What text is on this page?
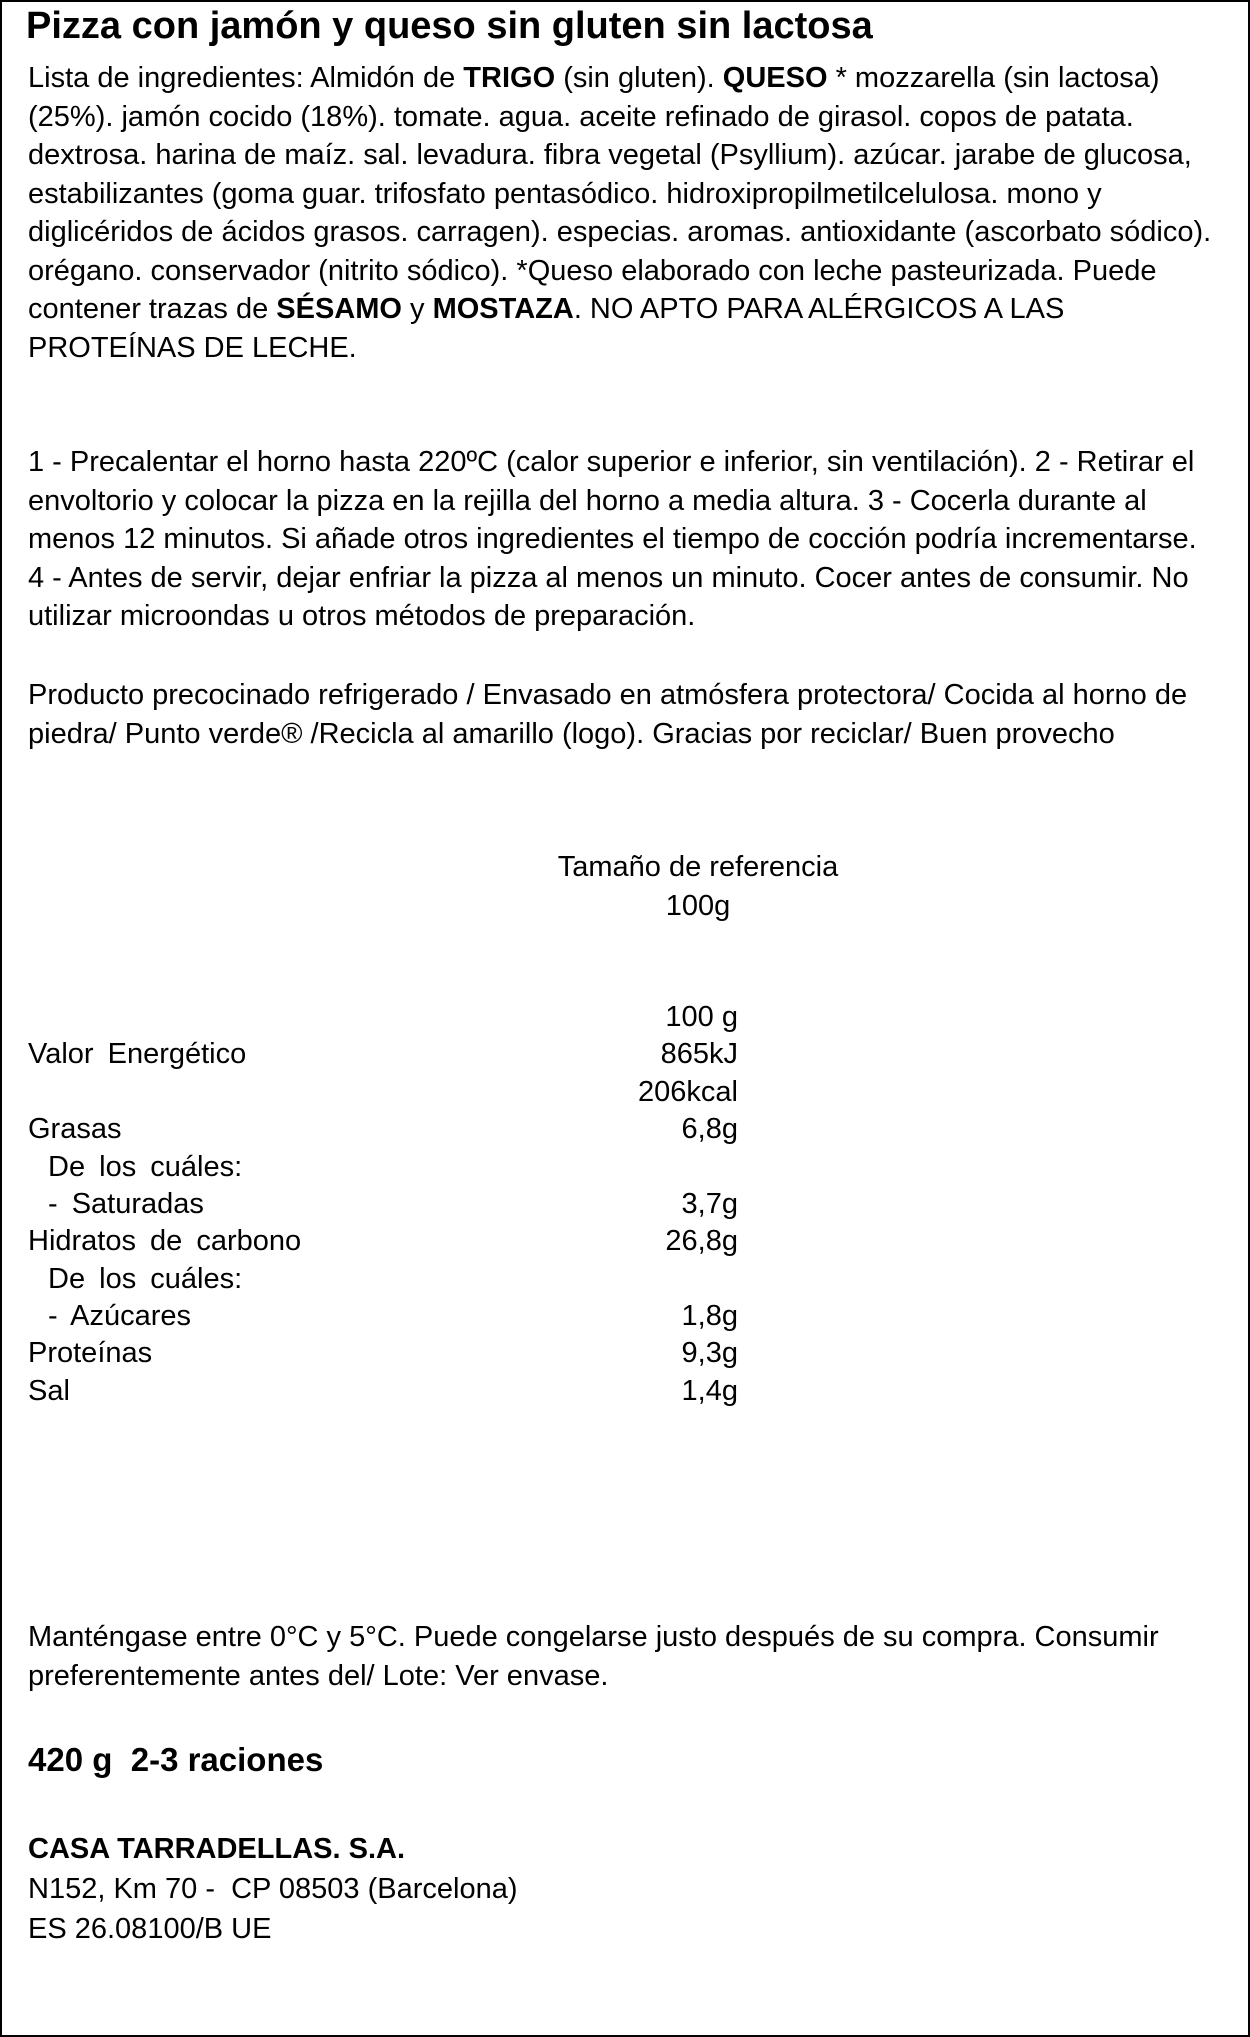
Pizza con jamón y queso sin gluten sin lactosa

Lista de ingredientes: Almidón de TRIGO (sin gluten). QUESO * mozzarella (sin lactosa) (25%). jamón cocido (18%). tomate. agua. aceite refinado de girasol. copos de patata. dextrosa. harina de maíz. sal. levadura. fibra vegetal (Psyllium). azúcar. jarabe de glucosa, estabilizantes (goma guar. trifosfato pentasódico. hidroxipropilmetilcelulosa. mono y diglicéridos de ácidos grasos. carragen). especias. aromas. antioxidante (ascorbato sódico). orégano. conservador (nitrito sódico). *Queso elaborado con leche pasteurizada. Puede contener trazas de SÉSAMO y MOSTAZA. NO APTO PARA ALÉRGICOS A LAS PROTEÍNAS DE LECHE.

1 - Precalentar el horno hasta 220ºC (calor superior e inferior, sin ventilación). 2 - Retirar el envoltorio y colocar la pizza en la rejilla del horno a media altura. 3 - Cocerla durante al menos 12 minutos. Si añade otros ingredientes el tiempo de cocción podría incrementarse. 4 - Antes de servir, dejar enfriar la pizza al menos un minuto. Cocer antes de consumir. No utilizar microondas u otros métodos de preparación.

Producto precocinado refrigerado / Envasado en atmósfera protectora/ Cocida al horno de piedra/ Punto verde® /Recicla al amarillo (logo). Gracias por reciclar/ Buen provecho

Tamaño de referencia
100g
100 g
Valor Energético	865kJ
206kcal
Grasas	6,8g
De los cuáles:
- Saturadas	3,7g
Hidratos de carbono	26,8g
De los cuáles:
- Azúcares	1,8g
Proteínas	9,3g
Sal	1,4g

Manténgase entre 0°C y 5°C. Puede congelarse justo después de su compra. Consumir preferentemente antes del/ Lote: Ver envase.

420 g  2-3 raciones
CASA TARRADELLAS. S.A.
N152, Km 70 -  CP 08503 (Barcelona)
ES 26.08100/B UE
